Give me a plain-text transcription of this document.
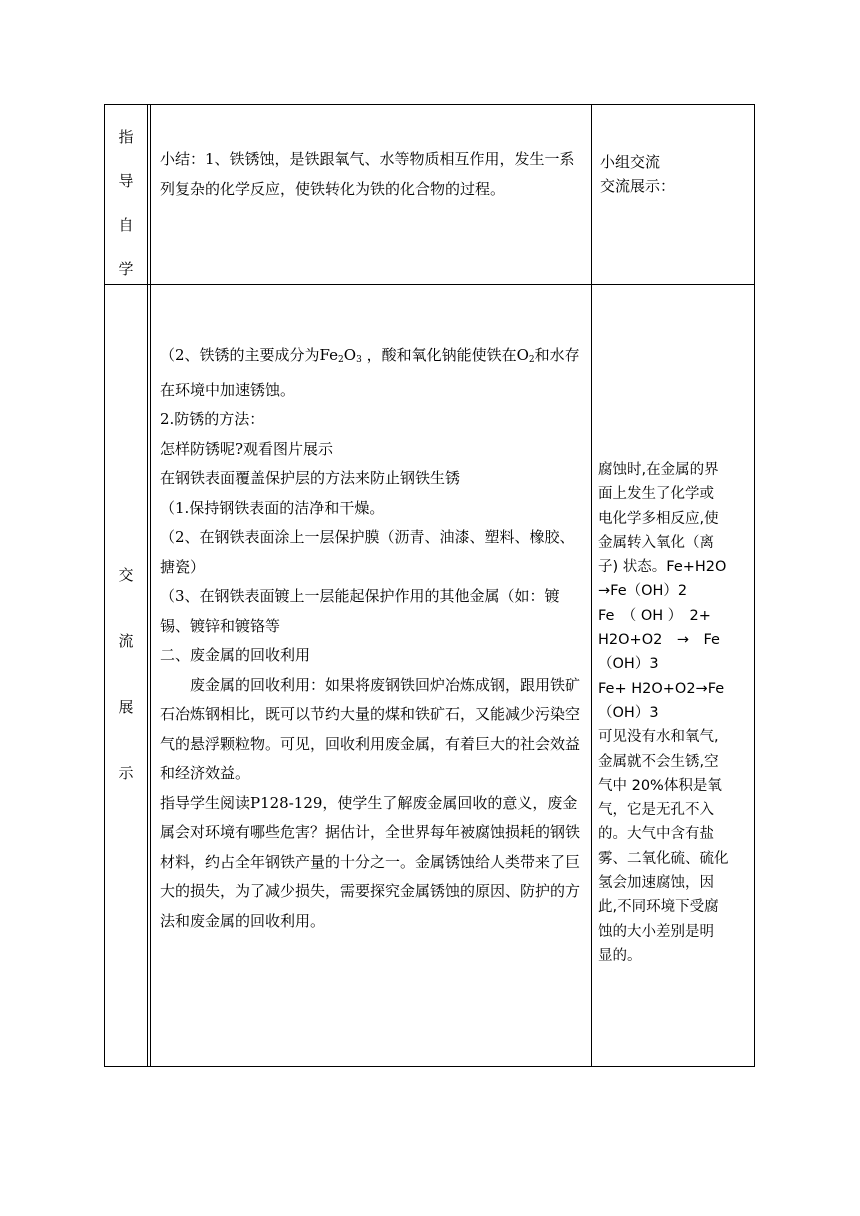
指
导
自
学

小结：1、铁锈蚀，是铁跟氧气、水等物质相互作用，发生一系列复杂的化学反应，使铁转化为铁的化合物的过程。

小组交流

交流展示：

交
流
展
示

（2、铁锈的主要成分为$Fe_2O_3$ ，酸和氧化钠能使铁在$O_2$和水存在环境中加速锈蚀。

2.防锈的方法：

怎样防锈呢?观看图片展示

在钢铁表面覆盖保护层的方法来防止钢铁生锈

（1.保持钢铁表面的洁净和干燥。

（2、在钢铁表面涂上一层保护膜（沥青、油漆、塑料、橡胶、搪瓷）

（3、在钢铁表面镀上一层能起保护作用的其他金属（如：镀锡、镀锌和镀铬等

二、废金属的回收利用

　　废金属的回收利用：如果将废钢铁回炉冶炼成钢，跟用铁矿石冶炼钢相比，既可以节约大量的煤和铁矿石，又能减少污染空气的悬浮颗粒物。可见，回收利用废金属，有着巨大的社会效益和经济效益。

指导学生阅读P128-129，使学生了解废金属回收的意义，废金属会对环境有哪些危害？据估计，全世界每年被腐蚀损耗的钢铁材料，约占全年钢铁产量的十分之一。金属锈蚀给人类带来了巨大的损失，为了减少损失，需要探究金属锈蚀的原因、防护的方法和废金属的回收利用。

腐蚀时,在金属的界

面上发生了化学或

电化学多相反应,使

金属转入氧化（离

子) 状态。Fe+H2O

→Fe（OH）2

Fe　（ OH ）　2+

H2O+O2　→　Fe

（OH）3

Fe+ H2O+O2→Fe

（OH）3

可见没有水和氧气,

金属就不会生锈,空

气中 20%体积是氧

气，它是无孔不入

的。大气中含有盐

雾、二氧化硫、硫化

氢会加速腐蚀，因

此,不同环境下受腐

蚀的大小差别是明

显的。
